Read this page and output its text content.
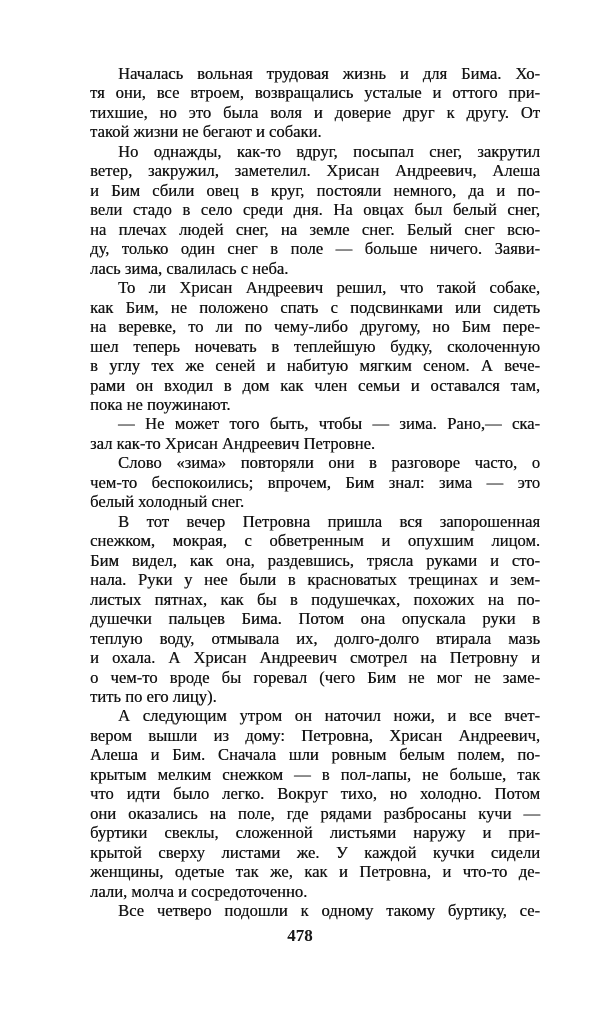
Началась вольная трудовая жизнь и для Бима. Хо-
тя они, все втроем, возвращались усталые и оттого при-
тихшие, но это была воля и доверие друг к другу. От
такой жизни не бегают и собаки.
Но однажды, как-то вдруг, посыпал снег, закрутил
ветер, закружил, заметелил. Хрисан Андреевич, Алеша
и Бим сбили овец в круг, постояли немного, да и по-
вели стадо в село среди дня. На овцах был белый снег,
на плечах людей снег, на земле снег. Белый снег всю-
ду, только один снег в поле — больше ничего. Заяви-
лась зима, свалилась с неба.
То ли Хрисан Андреевич решил, что такой собаке,
как Бим, не положено спать с подсвинками или сидеть
на веревке, то ли по чему-либо другому, но Бим пере-
шел теперь ночевать в теплейшую будку, сколоченную
в углу тех же сеней и набитую мягким сеном. А вече-
рами он входил в дом как член семьи и оставался там,
пока не поужинают.
— Не может того быть, чтобы — зима. Рано,— ска-
зал как-то Хрисан Андреевич Петровне.
Слово «зима» повторяли они в разговоре часто, о
чем-то беспокоились; впрочем, Бим знал: зима — это
белый холодный снег.
В тот вечер Петровна пришла вся запорошенная
снежком, мокрая, с обветренным и опухшим лицом.
Бим видел, как она, раздевшись, трясла руками и сто-
нала. Руки у нее были в красноватых трещинах и зем-
листых пятнах, как бы в подушечках, похожих на по-
душечки пальцев Бима. Потом она опускала руки в
теплую воду, отмывала их, долго-долго втирала мазь
и охала. А Хрисан Андреевич смотрел на Петровну и
о чем-то вроде бы горевал (чего Бим не мог не заме-
тить по его лицу).
А следующим утром он наточил ножи, и все вчет-
вером вышли из дому: Петровна, Хрисан Андреевич,
Алеша и Бим. Сначала шли ровным белым полем, по-
крытым мелким снежком — в пол-лапы, не больше, так
что идти было легко. Вокруг тихо, но холодно. Потом
они оказались на поле, где рядами разбросаны кучи —
буртики свеклы, сложенной листьями наружу и при-
крытой сверху листами же. У каждой кучки сидели
женщины, одетые так же, как и Петровна, и что-то де-
лали, молча и сосредоточенно.
Все четверо подошли к одному такому буртику, се-
478
